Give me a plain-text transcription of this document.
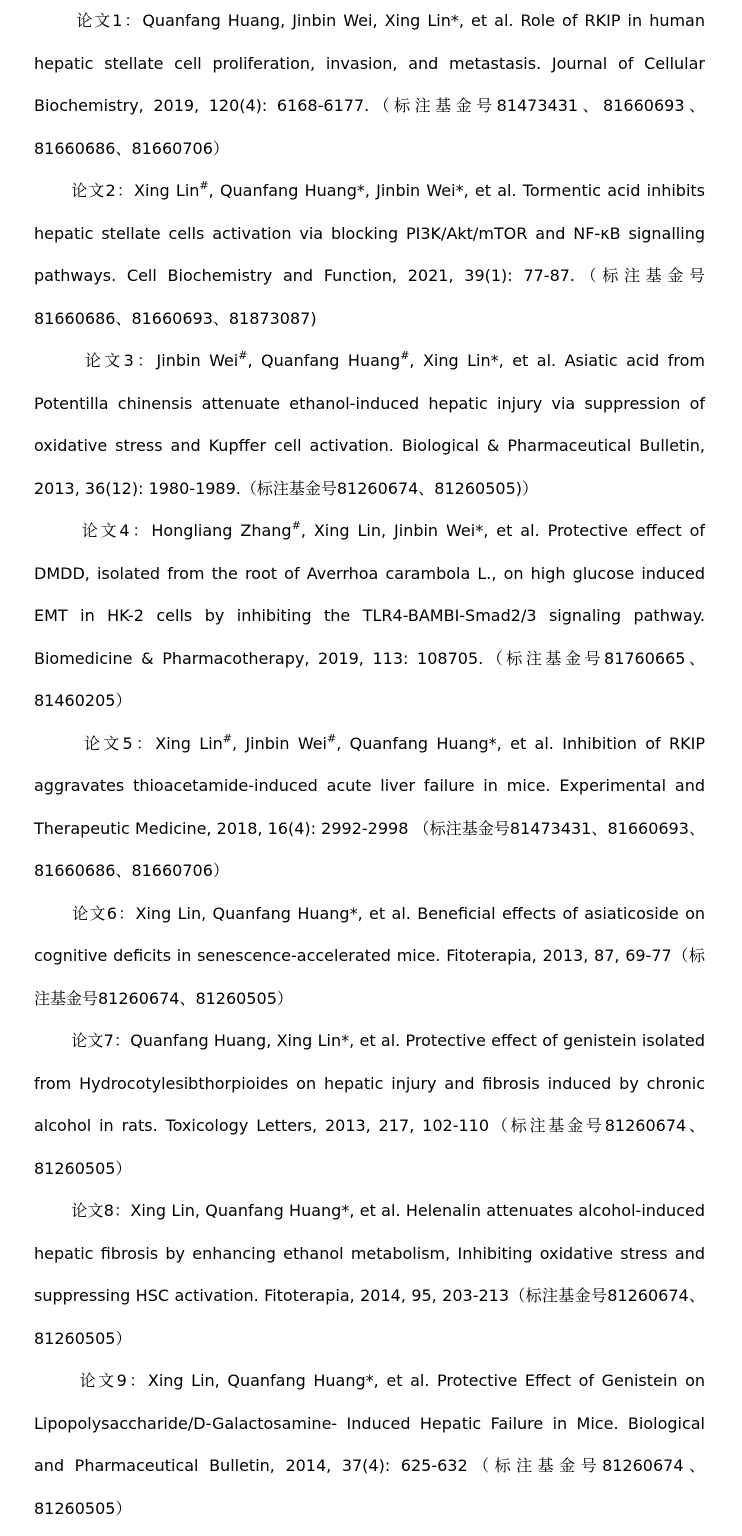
论文1：Quanfang Huang, Jinbin Wei, Xing Lin*, et al. Role of RKIP in human hepatic stellate cell proliferation, invasion, and metastasis. Journal of Cellular Biochemistry, 2019, 120(4): 6168-6177.（标注基金号81473431、81660693、81660686、81660706）

论文2：Xing Lin#, Quanfang Huang*, Jinbin Wei*, et al. Tormentic acid inhibits hepatic stellate cells activation via blocking PI3K/Akt/mTOR and NF-κB signalling pathways. Cell Biochemistry and Function, 2021, 39(1): 77-87.（标注基金号81660686、81660693、81873087)

论文3：Jinbin Wei#, Quanfang Huang#, Xing Lin*, et al. Asiatic acid from Potentilla chinensis attenuate ethanol-induced hepatic injury via suppression of oxidative stress and Kupffer cell activation. Biological & Pharmaceutical Bulletin, 2013, 36(12): 1980-1989.（标注基金号81260674、81260505)）

论文4：Hongliang Zhang#, Xing Lin, Jinbin Wei*, et al. Protective effect of DMDD, isolated from the root of Averrhoa carambola L., on high glucose induced EMT in HK-2 cells by inhibiting the TLR4-BAMBI-Smad2/3 signaling pathway. Biomedicine & Pharmacotherapy, 2019, 113: 108705.（标注基金号81760665、81460205）

论文5：Xing Lin#, Jinbin Wei#, Quanfang Huang*, et al. Inhibition of RKIP aggravates thioacetamide-induced acute liver failure in mice. Experimental and Therapeutic Medicine, 2018, 16(4): 2992-2998 （标注基金号81473431、81660693、81660686、81660706）

论文6：Xing Lin, Quanfang Huang*, et al. Beneficial effects of asiaticoside on cognitive deficits in senescence-accelerated mice. Fitoterapia, 2013, 87, 69-77（标注基金号81260674、81260505）

论文7：Quanfang Huang, Xing Lin*, et al. Protective effect of genistein isolated from Hydrocotylesibthorpioides on hepatic injury and fibrosis induced by chronic alcohol in rats. Toxicology Letters, 2013, 217, 102-110（标注基金号81260674、81260505）

论文8：Xing Lin, Quanfang Huang*, et al. Helenalin attenuates alcohol-induced hepatic fibrosis by enhancing ethanol metabolism, Inhibiting oxidative stress and suppressing HSC activation. Fitoterapia, 2014, 95, 203-213（标注基金号81260674、81260505）

论文9：Xing Lin, Quanfang Huang*, et al. Protective Effect of Genistein on Lipopolysaccharide/D-Galactosamine- Induced Hepatic Failure in Mice. Biological and Pharmaceutical Bulletin, 2014, 37(4): 625-632（标注基金号81260674、81260505）
